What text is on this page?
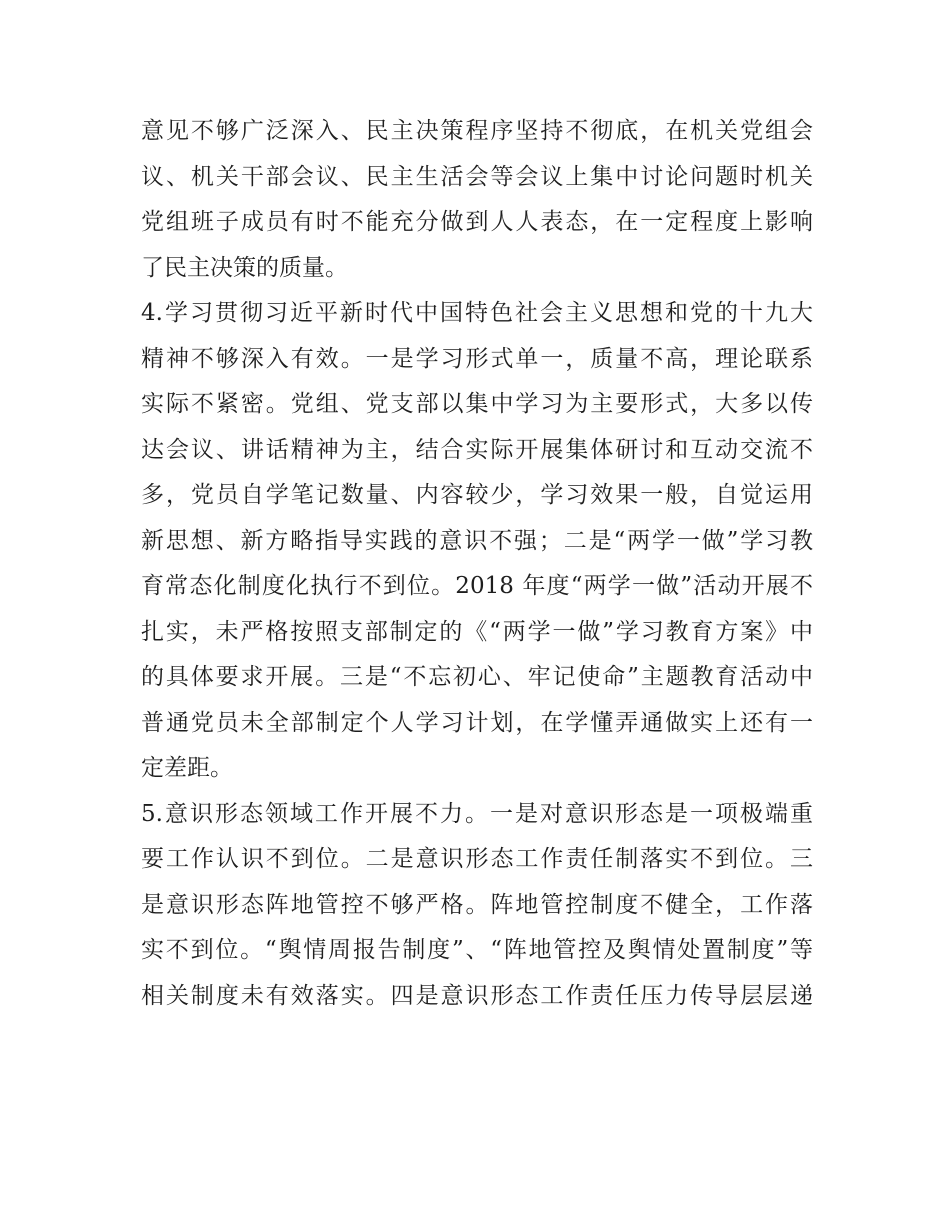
意见不够广泛深入、民主决策程序坚持不彻底，在机关党组会
议、机关干部会议、民主生活会等会议上集中讨论问题时机关
党组班子成员有时不能充分做到人人表态，在一定程度上影响
了民主决策的质量。
4.学习贯彻习近平新时代中国特色社会主义思想和党的十九大
精神不够深入有效。一是学习形式单一，质量不高，理论联系
实际不紧密。党组、党支部以集中学习为主要形式，大多以传
达会议、讲话精神为主，结合实际开展集体研讨和互动交流不
多，党员自学笔记数量、内容较少，学习效果一般，自觉运用
新思想、新方略指导实践的意识不强；二是“两学一做”学习教
育常态化制度化执行不到位。2018 年度“两学一做”活动开展不
扎实，未严格按照支部制定的《“两学一做”学习教育方案》中
的具体要求开展。三是“不忘初心、牢记使命”主题教育活动中
普通党员未全部制定个人学习计划，在学懂弄通做实上还有一
定差距。
5.意识形态领域工作开展不力。一是对意识形态是一项极端重
要工作认识不到位。二是意识形态工作责任制落实不到位。三
是意识形态阵地管控不够严格。阵地管控制度不健全，工作落
实不到位。“舆情周报告制度”、“阵地管控及舆情处置制度”等
相关制度未有效落实。四是意识形态工作责任压力传导层层递
